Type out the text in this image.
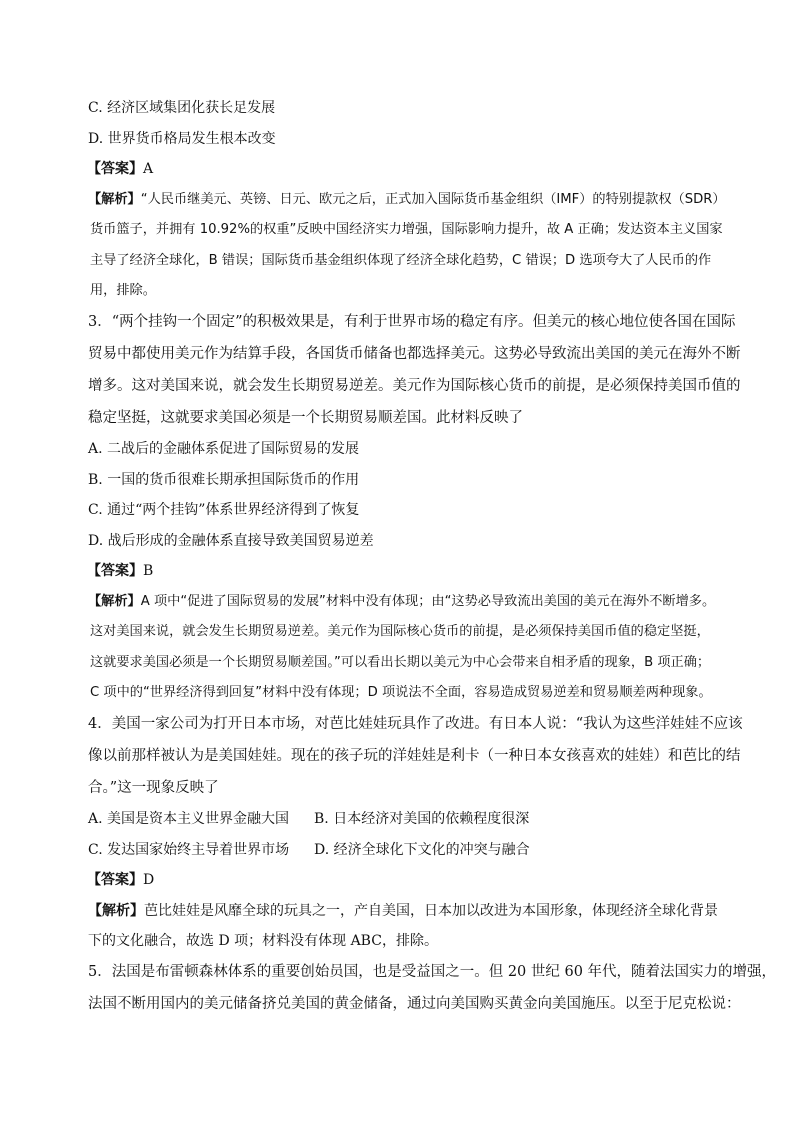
C. 经济区域集团化获长足发展
D. 世界货币格局发生根本改变
【答案】A
【解析】“人民币继美元、英镑、日元、欧元之后，正式加入国际货币基金组织（IMF）的特别提款权（SDR）
货币篮子，并拥有 10.92%的权重”反映中国经济实力增强，国际影响力提升，故 A 正确；发达资本主义国家
主导了经济全球化，B 错误；国际货币基金组织体现了经济全球化趋势，C 错误；D 选项夸大了人民币的作
用，排除。
3．“两个挂钩一个固定”的积极效果是，有利于世界市场的稳定有序。但美元的核心地位使各国在国际
贸易中都使用美元作为结算手段，各国货币储备也都选择美元。这势必导致流出美国的美元在海外不断
增多。这对美国来说，就会发生长期贸易逆差。美元作为国际核心货币的前提，是必须保持美国币值的
稳定坚挺，这就要求美国必须是一个长期贸易顺差国。此材料反映了
A. 二战后的金融体系促进了国际贸易的发展
B. 一国的货币很难长期承担国际货币的作用
C. 通过“两个挂钩”体系世界经济得到了恢复
D. 战后形成的金融体系直接导致美国贸易逆差
【答案】B
【解析】A 项中“促进了国际贸易的发展”材料中没有体现；由“这势必导致流出美国的美元在海外不断增多。
这对美国来说，就会发生长期贸易逆差。美元作为国际核心货币的前提，是必须保持美国币值的稳定坚挺，
这就要求美国必须是一个长期贸易顺差国。”可以看出长期以美元为中心会带来自相矛盾的现象，B 项正确；
C 项中的“世界经济得到回复”材料中没有体现；D 项说法不全面，容易造成贸易逆差和贸易顺差两种现象。
4．美国一家公司为打开日本市场，对芭比娃娃玩具作了改进。有日本人说：“我认为这些洋娃娃不应该
像以前那样被认为是美国娃娃。现在的孩子玩的洋娃娃是利卡（一种日本女孩喜欢的娃娃）和芭比的结
合。”这一现象反映了
A. 美国是资本主义世界金融大国	B. 日本经济对美国的依赖程度很深
C. 发达国家始终主导着世界市场	D. 经济全球化下文化的冲突与融合
【答案】D
【解析】芭比娃娃是风靡全球的玩具之一，产自美国，日本加以改进为本国形象，体现经济全球化背景
下的文化融合，故选 D 项；材料没有体现 ABC，排除。
5．法国是布雷顿森林体系的重要创始员国，也是受益国之一。但 20 世纪 60 年代，随着法国实力的增强，
法国不断用国内的美元储备挤兑美国的黄金储备，通过向美国购买黄金向美国施压。以至于尼克松说：
